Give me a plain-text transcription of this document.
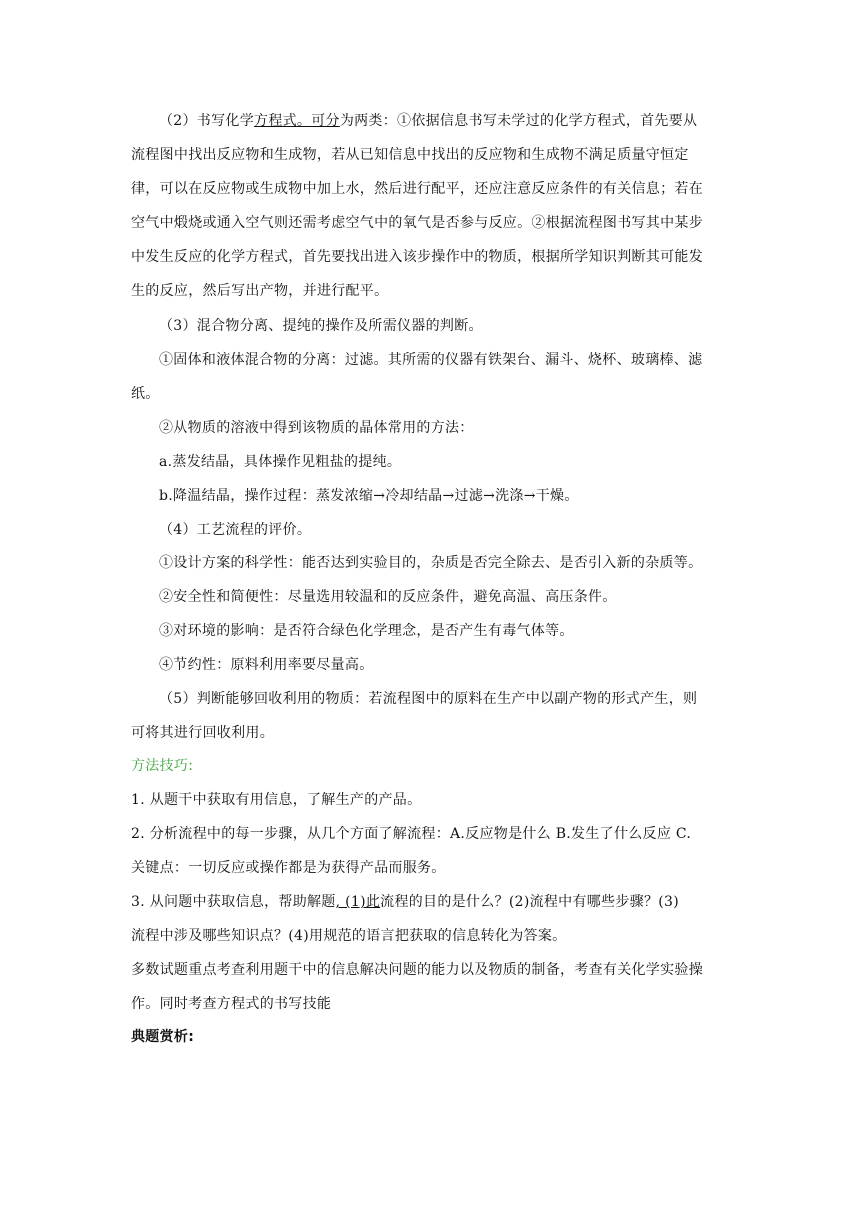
（2）书写化学方程式。可分为两类：①依据信息书写未学过的化学方程式，首先要从
流程图中找出反应物和生成物，若从已知信息中找出的反应物和生成物不满足质量守恒定
律，可以在反应物或生成物中加上水，然后进行配平，还应注意反应条件的有关信息；若在
空气中煅烧或通入空气则还需考虑空气中的氧气是否参与反应。②根据流程图书写其中某步
中发生反应的化学方程式，首先要找出进入该步操作中的物质，根据所学知识判断其可能发
生的反应，然后写出产物，并进行配平。
（3）混合物分离、提纯的操作及所需仪器的判断。
①固体和液体混合物的分离：过滤。其所需的仪器有铁架台、漏斗、烧杯、玻璃棒、滤
纸。
②从物质的溶液中得到该物质的晶体常用的方法：
a.蒸发结晶，具体操作见粗盐的提纯。
b.降温结晶，操作过程：蒸发浓缩→冷却结晶→过滤→洗涤→干燥。
（4）工艺流程的评价。
①设计方案的科学性：能否达到实验目的，杂质是否完全除去、是否引入新的杂质等。
②安全性和简便性：尽量选用较温和的反应条件，避免高温、高压条件。
③对环境的影响：是否符合绿色化学理念，是否产生有毒气体等。
④节约性：原料利用率要尽量高。
（5）判断能够回收利用的物质：若流程图中的原料在生产中以副产物的形式产生，则
可将其进行回收利用。
方法技巧:
1. 从题干中获取有用信息，了解生产的产品。
2. 分析流程中的每一步骤，从几个方面了解流程：A.反应物是什么 B.发生了什么反应 C.
关键点：一切反应或操作都是为获得产品而服务。
3. 从问题中获取信息，帮助解题, (1)此流程的目的是什么？(2)流程中有哪些步骤？(3)
流程中涉及哪些知识点？(4)用规范的语言把获取的信息转化为答案。
多数试题重点考查利用题干中的信息解决问题的能力以及物质的制备，考查有关化学实验操
作。同时考查方程式的书写技能
典题赏析:
